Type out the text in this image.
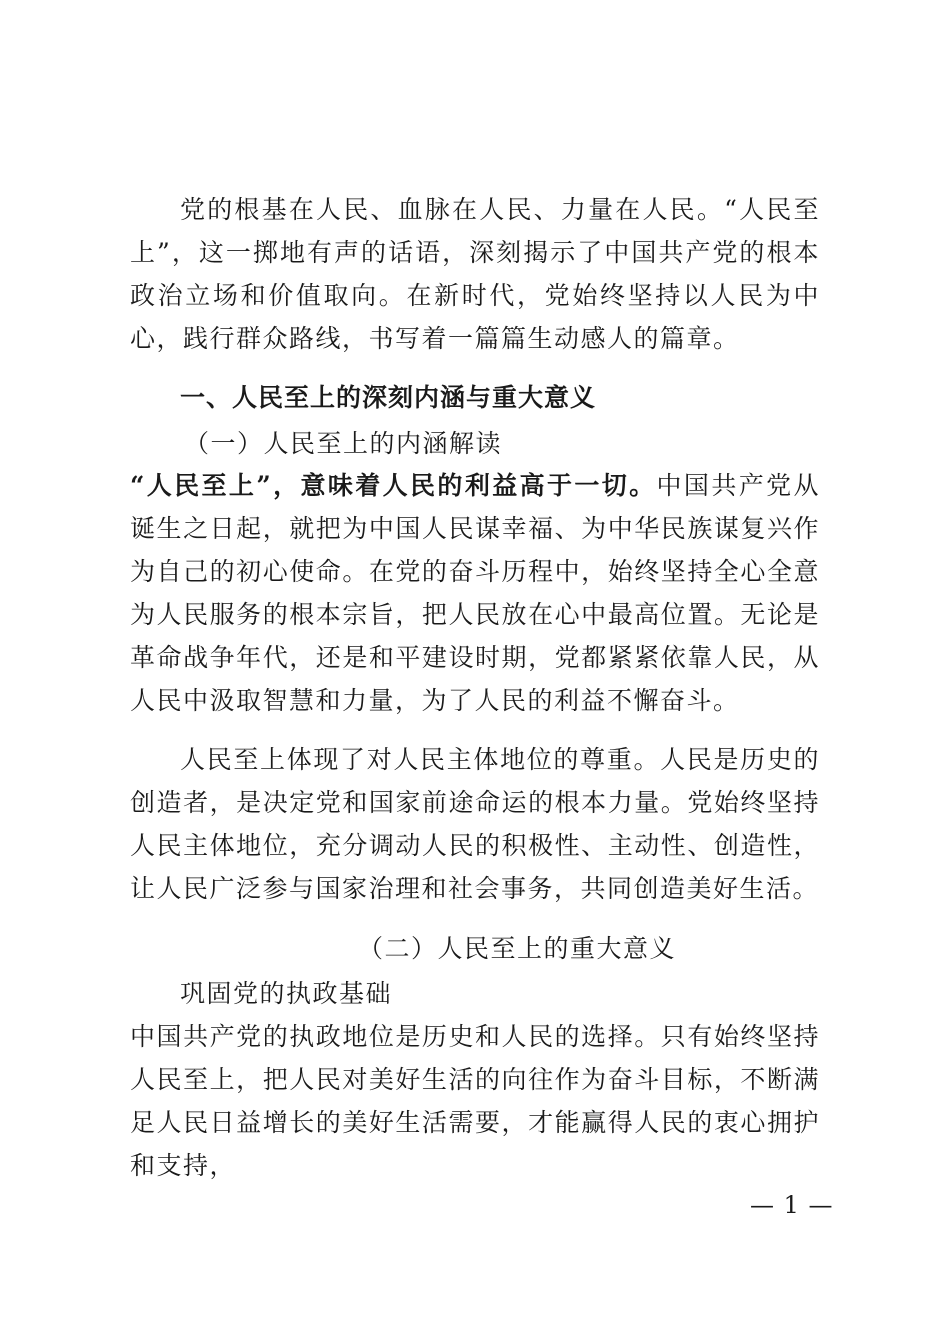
党的根基在人民、血脉在人民、力量在人民。“人民至上”，这一掷地有声的话语，深刻揭示了中国共产党的根本政治立场和价值取向。在新时代，党始终坚持以人民为中心，践行群众路线，书写着一篇篇生动感人的篇章。

一、人民至上的深刻内涵与重大意义

（一）人民至上的内涵解读

“人民至上”，意味着人民的利益高于一切。中国共产党从诞生之日起，就把为中国人民谋幸福、为中华民族谋复兴作为自己的初心使命。在党的奋斗历程中，始终坚持全心全意为人民服务的根本宗旨，把人民放在心中最高位置。无论是革命战争年代，还是和平建设时期，党都紧紧依靠人民，从人民中汲取智慧和力量，为了人民的利益不懈奋斗。

人民至上体现了对人民主体地位的尊重。人民是历史的创造者，是决定党和国家前途命运的根本力量。党始终坚持人民主体地位，充分调动人民的积极性、主动性、创造性，让人民广泛参与国家治理和社会事务，共同创造美好生活。

（二）人民至上的重大意义

巩固党的执政基础

中国共产党的执政地位是历史和人民的选择。只有始终坚持人民至上，把人民对美好生活的向往作为奋斗目标，不断满足人民日益增长的美好生活需要，才能赢得人民的衷心拥护和支持，

— 1 —
